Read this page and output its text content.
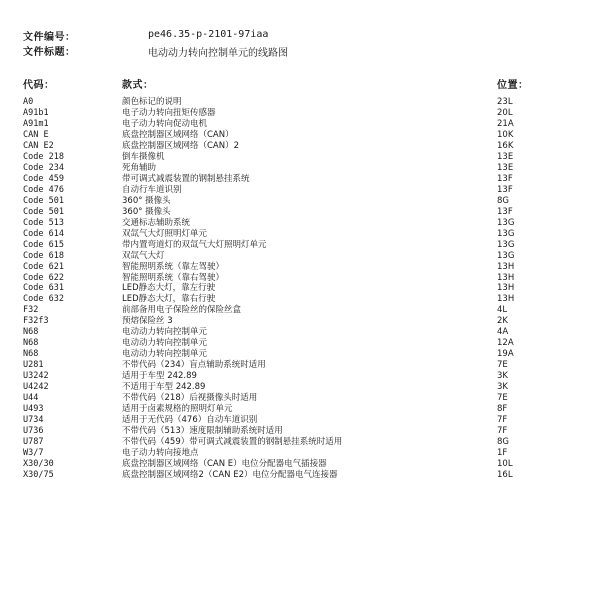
文件编号：	pe46.35-p-2101-97iaa
文件标题：	电动动力转向控制单元的线路图
代码：	款式：	位置：
A0	颜色标记的说明	23L
A91b1	电子动力转向扭矩传感器	20L
A91m1	电子动力转向促动电机	21A
CAN E	底盘控制器区域网络（CAN）	10K
CAN E2	底盘控制器区域网络（CAN）2	16K
Code 218	倒车摄像机	13E
Code 234	死角辅助	13E
Code 459	带可调式减震装置的钢制悬挂系统	13F
Code 476	自动行车道识别	13F
Code 501	360° 摄像头	8G
Code 501	360° 摄像头	13F
Code 513	交通标志辅助系统	13G
Code 614	双氙气大灯照明灯单元	13G
Code 615	带内置弯道灯的双氙气大灯照明灯单元	13G
Code 618	双氙气大灯	13G
Code 621	智能照明系统（靠左驾驶）	13H
Code 622	智能照明系统（靠右驾驶）	13H
Code 631	LED静态大灯，靠左行驶	13H
Code 632	LED静态大灯，靠右行驶	13H
F32	前部备用电子保险丝的保险丝盒	4L
F32f3	预熔保险丝 3	2K
N68	电动动力转向控制单元	4A
N68	电动动力转向控制单元	12A
N68	电动动力转向控制单元	19A
U281	不带代码（234）盲点辅助系统时适用	7E
U3242	适用于车型 242.89	3K
U4242	不适用于车型 242.89	3K
U44	不带代码（218）后视摄像头时适用	7E
U493	适用于卤素规格的照明灯单元	8F
U734	适用于无代码（476）自动车道识别	7F
U736	不带代码（513）速度限制辅助系统时适用	7F
U787	不带代码（459）带可调式减震装置的钢制悬挂系统时适用	8G
W3/7	电子动力转向接地点	1F
X30/30	底盘控制器区域网络（CAN E）电位分配器电气插接器	10L
X30/75	底盘控制器区域网络2（CAN E2）电位分配器电气连接器	16L
